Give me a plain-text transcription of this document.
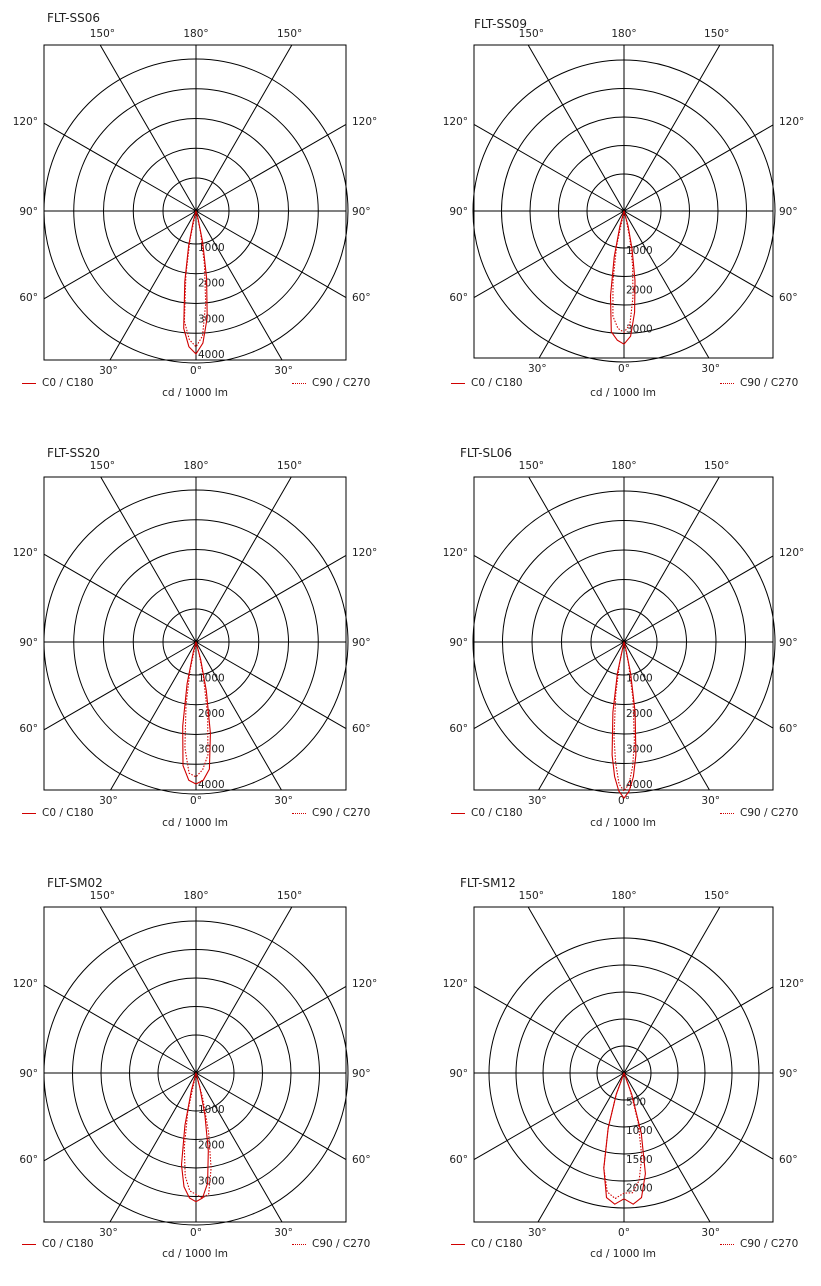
FLT-SS06
150°	180°	150°
120°	120°
90°	90°
60°	60°
30°	0°	30°
1000
2000
3000
4000
C0 / C180
cd / 1000 lm
C90 / C270
FLT-SS09
150°	180°	150°
120°	120°
90°	90°
60°	60°
30°	0°	30°
1000
2000
3000
C0 / C180
cd / 1000 lm
C90 / C270
FLT-SS20
150°	180°	150°
120°	120°
90°	90°
60°	60°
30°	0°	30°
1000
2000
3000
4000
C0 / C180
cd / 1000 lm
C90 / C270
FLT-SL06
150°	180°	150°
120°	120°
90°	90°
60°	60°
30°	0°	30°
1000
2000
3000
4000
C0 / C180
cd / 1000 lm
C90 / C270
FLT-SM02
150°	180°	150°
120°	120°
90°	90°
60°	60°
30°	0°	30°
1000
2000
3000
C0 / C180
cd / 1000 lm
C90 / C270
FLT-SM12
150°	180°	150°
120°	120°
90°	90°
60°	60°
30°	0°	30°
500
1000
1500
2000
C0 / C180
cd / 1000 lm
C90 / C270
